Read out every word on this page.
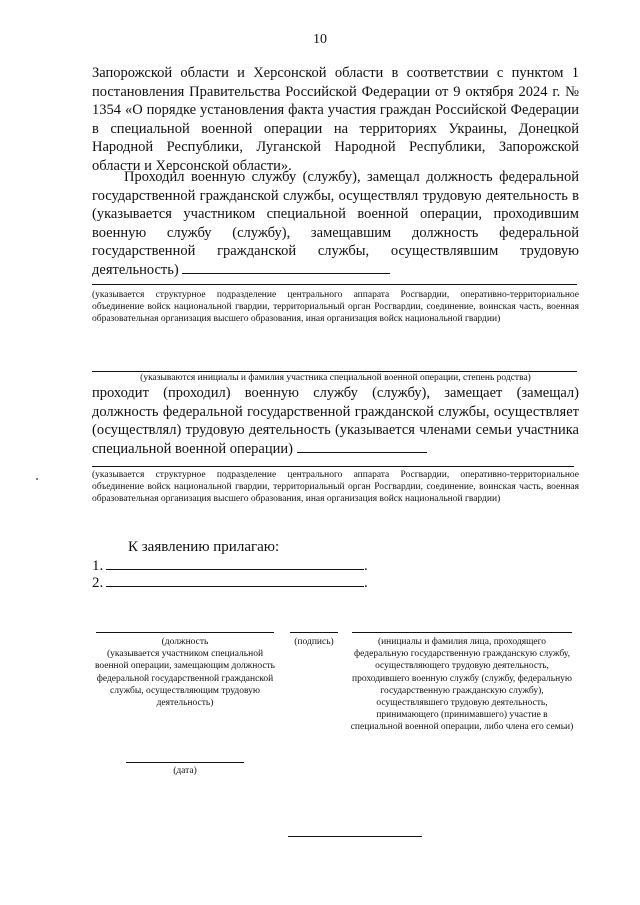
10
Запорожской области и Херсонской области в соответствии с пунктом 1 постановления Правительства Российской Федерации от 9 октября 2024 г. № 1354 «О порядке установления факта участия граждан Российской Федерации в специальной военной операции на территориях Украины, Донецкой Народной Республики, Луганской Народной Республики, Запорожской области и Херсонской области».
Проходил военную службу (службу), замещал должность федеральной государственной гражданской службы, осуществлял трудовую деятельность в (указывается участником специальной военной операции, проходившим военную службу (службу), замещавшим должность федеральной государственной гражданской службы, осуществлявшим трудовую деятельность)
(указывается структурное подразделение центрального аппарата Росгвардии, оперативно-территориальное объединение войск национальной гвардии, территориальный орган Росгвардии, соединение, воинская часть, военная образовательная организация высшего образования, иная организация войск национальной гвардии)
(указываются инициалы и фамилия участника специальной военной операции, степень родства)
проходит (проходил) военную службу (службу), замещает (замещал) должность федеральной государственной гражданской службы, осуществляет (осуществлял) трудовую деятельность (указывается членами семьи участника специальной военной операции)
(указывается структурное подразделение центрального аппарата Росгвардии, оперативно-территориальное объединение войск национальной гвардии, территориальный орган Росгвардии, соединение, воинская часть, военная образовательная организация высшего образования, иная организация войск национальной гвардии)
К заявлению прилагаю:
1.	.
2.	.
(должность
(указывается участником специальной военной операции, замещающим должность федеральной государственной гражданской службы, осуществляющим трудовую деятельность)
(подпись)	(инициалы и фамилия лица, проходящего федеральную государственную гражданскую службу, осуществляющего трудовую деятельность, проходившего военную службу (службу, федеральную государственную гражданскую службу), осуществлявшего трудовую деятельность, принимающего (принимавшего) участие в специальной военной операции, либо члена его семьи)
(дата)
